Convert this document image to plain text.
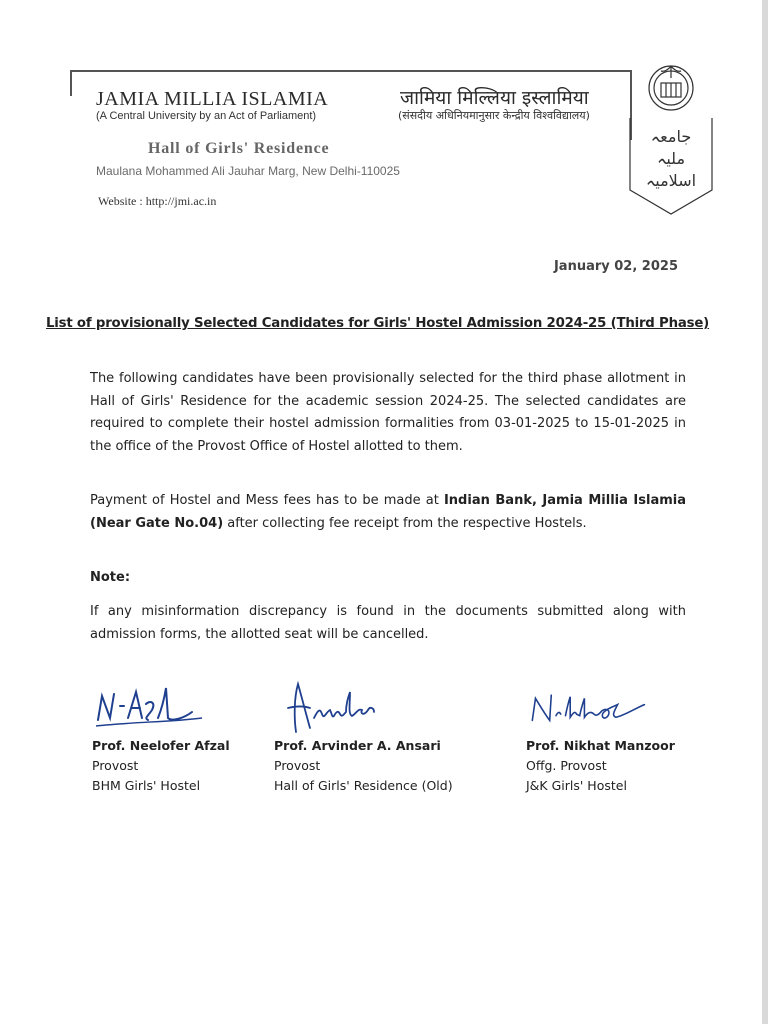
JAMIA MILLIA ISLAMIA
(A Central University by an Act of Parliament)
जामिया मिल्लिया इस्लामिया
(संसदीय अधिनियमानुसार केन्द्रीय विश्वविद्यालय)
Hall of Girls' Residence
Maulana Mohammed Ali Jauhar Marg, New Delhi-110025
Website : http://jmi.ac.in
جامعہ
ملیہ
اسلامیہ
January 02, 2025
List of provisionally Selected Candidates for Girls' Hostel Admission 2024-25 (Third Phase)
The following candidates have been provisionally selected for the third phase allotment in Hall of Girls' Residence for the academic session 2024-25. The selected candidates are required to complete their hostel admission formalities from 03-01-2025 to 15-01-2025 in the office of the Provost Office of Hostel allotted to them.
Payment of Hostel and Mess fees has to be made at Indian Bank, Jamia Millia Islamia (Near Gate No.04) after collecting fee receipt from the respective Hostels.
Note:
If any misinformation discrepancy is found in the documents submitted along with admission forms, the allotted seat will be cancelled.
Prof. Neelofer Afzal
Provost
BHM Girls' Hostel
Prof. Arvinder A. Ansari
Provost
Hall of Girls' Residence (Old)
Prof. Nikhat Manzoor
Offg. Provost
J&K Girls' Hostel
